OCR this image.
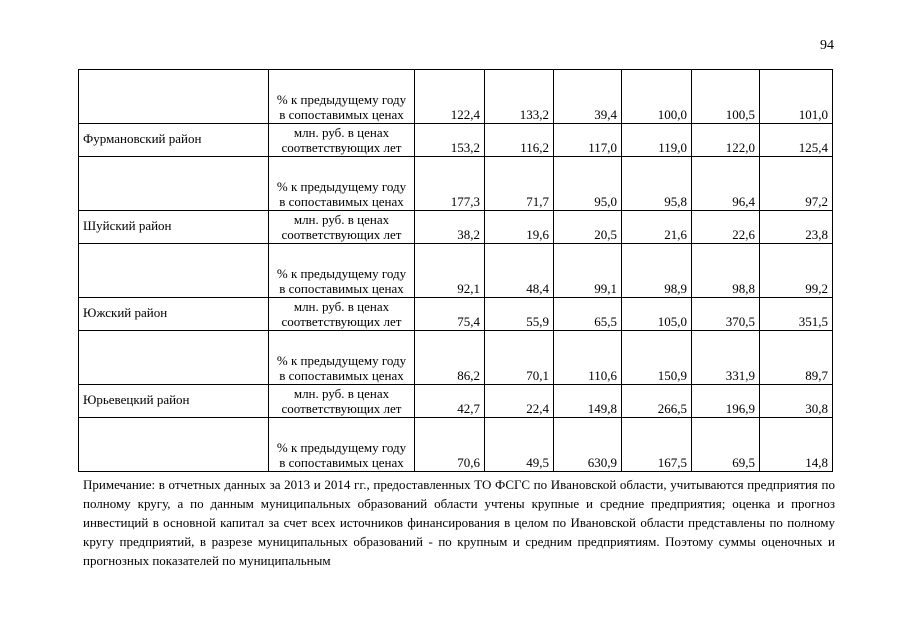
94
	% к предыдущему году в сопоставимых ценах	122,4	133,2	39,4	100,0	100,5	101,0
Фурмановский район	млн. руб. в ценах соответствующих лет	153,2	116,2	117,0	119,0	122,0	125,4
	% к предыдущему году в сопоставимых ценах	177,3	71,7	95,0	95,8	96,4	97,2
Шуйский район	млн. руб. в ценах соответствующих лет	38,2	19,6	20,5	21,6	22,6	23,8
	% к предыдущему году в сопоставимых ценах	92,1	48,4	99,1	98,9	98,8	99,2
Южский район	млн. руб. в ценах соответствующих лет	75,4	55,9	65,5	105,0	370,5	351,5
	% к предыдущему году в сопоставимых ценах	86,2	70,1	110,6	150,9	331,9	89,7
Юрьевецкий район	млн. руб. в ценах соответствующих лет	42,7	22,4	149,8	266,5	196,9	30,8
	% к предыдущему году в сопоставимых ценах	70,6	49,5	630,9	167,5	69,5	14,8
Примечание: в отчетных данных за 2013 и 2014 гг., предоставленных ТО ФСГС по Ивановской области, учитываются предприятия по полному кругу, а по данным муниципальных образований области учтены крупные и средние предприятия; оценка и прогноз инвестиций в основной капитал за счет всех источников финансирования в целом по Ивановской области представлены по полному кругу предприятий, в разрезе муниципальных образований - по крупным и средним предприятиям. Поэтому суммы оценочных и прогнозных показателей по муниципальным
